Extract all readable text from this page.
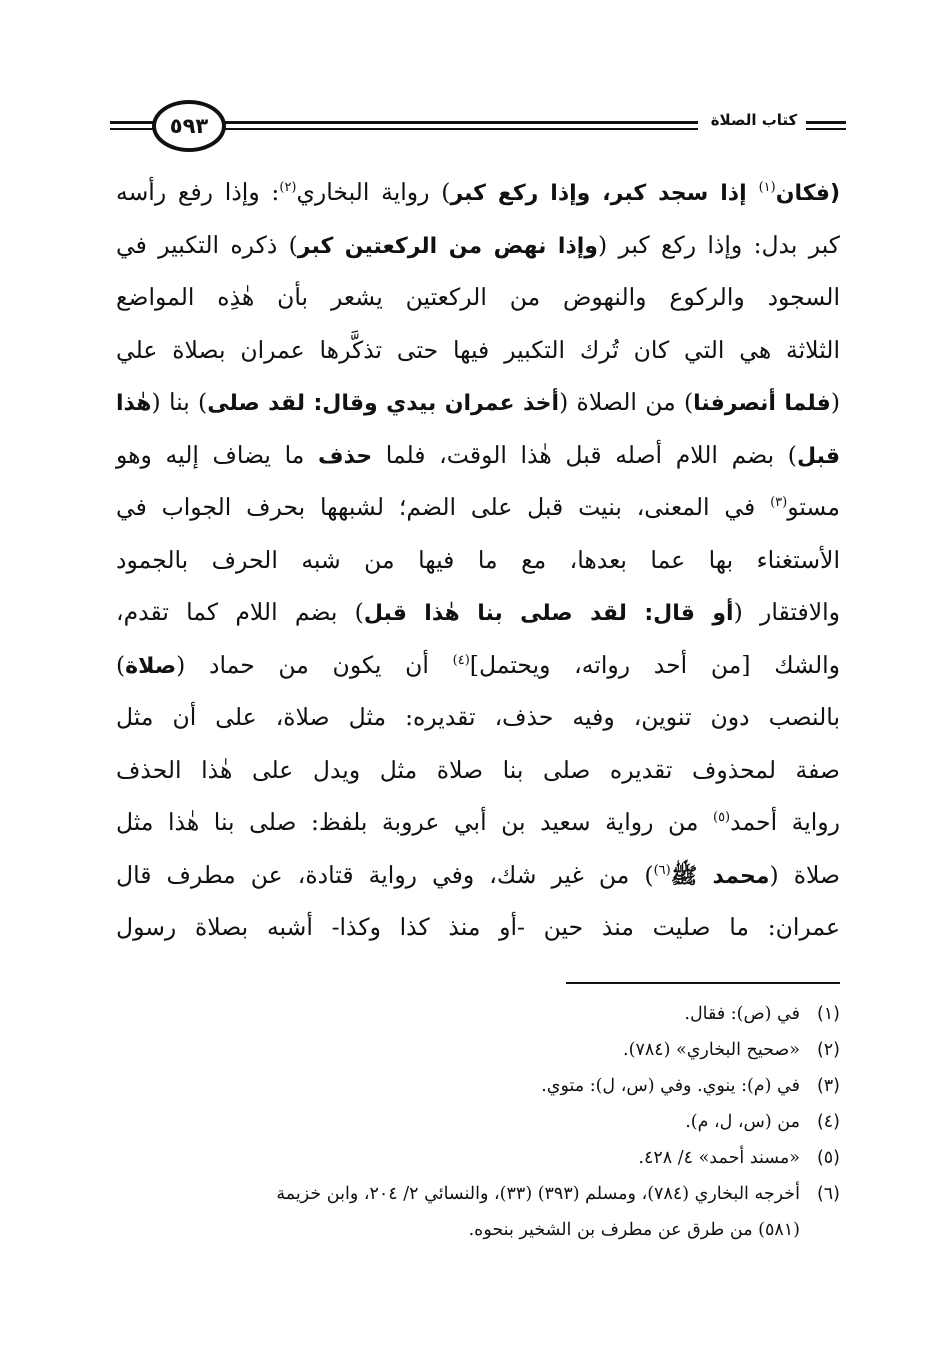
٥٩٣	كتاب الصلاة
(فكان$^{(١)}$ إذا سجد كبر، وإذا ركع كبر) رواية البخاري$^{(٢)}$: وإذا رفع رأسه
كبر بدل: وإذا ركع كبر (وإذا نهض من الركعتين كبر) ذكره التكبير في
السجود والركوع والنهوض من الركعتين يشعر بأن هٰذِه المواضع
الثلاثة هي التي كان تُرك التكبير فيها حتى تذكَّرها عمران بصلاة علي
(فلما أنصرفنا) من الصلاة (أخذ عمران بيدي وقال: لقد صلى) بنا (هٰذا
قبل) بضم اللام أصله قبل هٰذا الوقت، فلما حذف ما يضاف إليه وهو
مستو$^{(٣)}$ في المعنى، بنيت قبل على الضم؛ لشبهها بحرف الجواب في
الأستغناء بها عما بعدها، مع ما فيها من شبه الحرف بالجمود
والافتقار (أو قال: لقد صلى بنا هٰذا قبل) بضم اللام كما تقدم،
والشك [من أحد رواته، ويحتمل]$^{(٤)}$ أن يكون من حماد (صلاة)
بالنصب دون تنوين، وفيه حذف، تقديره: مثل صلاة، على أن مثل
صفة لمحذوف تقديره صلى بنا صلاة مثل ويدل على هٰذا الحذف
رواية أحمد$^{(٥)}$ من رواية سعيد بن أبي عروبة بلفظ: صلى بنا هٰذا مثل
صلاة (محمد ﷺ$^{(٦)}$) من غير شك، وفي رواية قتادة، عن مطرف قال
عمران: ما صليت منذ حين -أو منذ كذا وكذا- أشبه بصلاة رسول
(١)
في (ص): فقال.
(٢)
«صحيح البخاري» (٧٨٤).
(٣)
في (م): ينوي. وفي (س، ل): متوي.
(٤)
من (س، ل، م).
(٥)
«مسند أحمد» ٤/ ٤٢٨.
(٦)
أخرجه البخاري (٧٨٤)، ومسلم (٣٩٣) (٣٣)، والنسائي ٢/ ٢٠٤، وابن خزيمة
(٥٨١) من طرق عن مطرف بن الشخير بنحوه.
